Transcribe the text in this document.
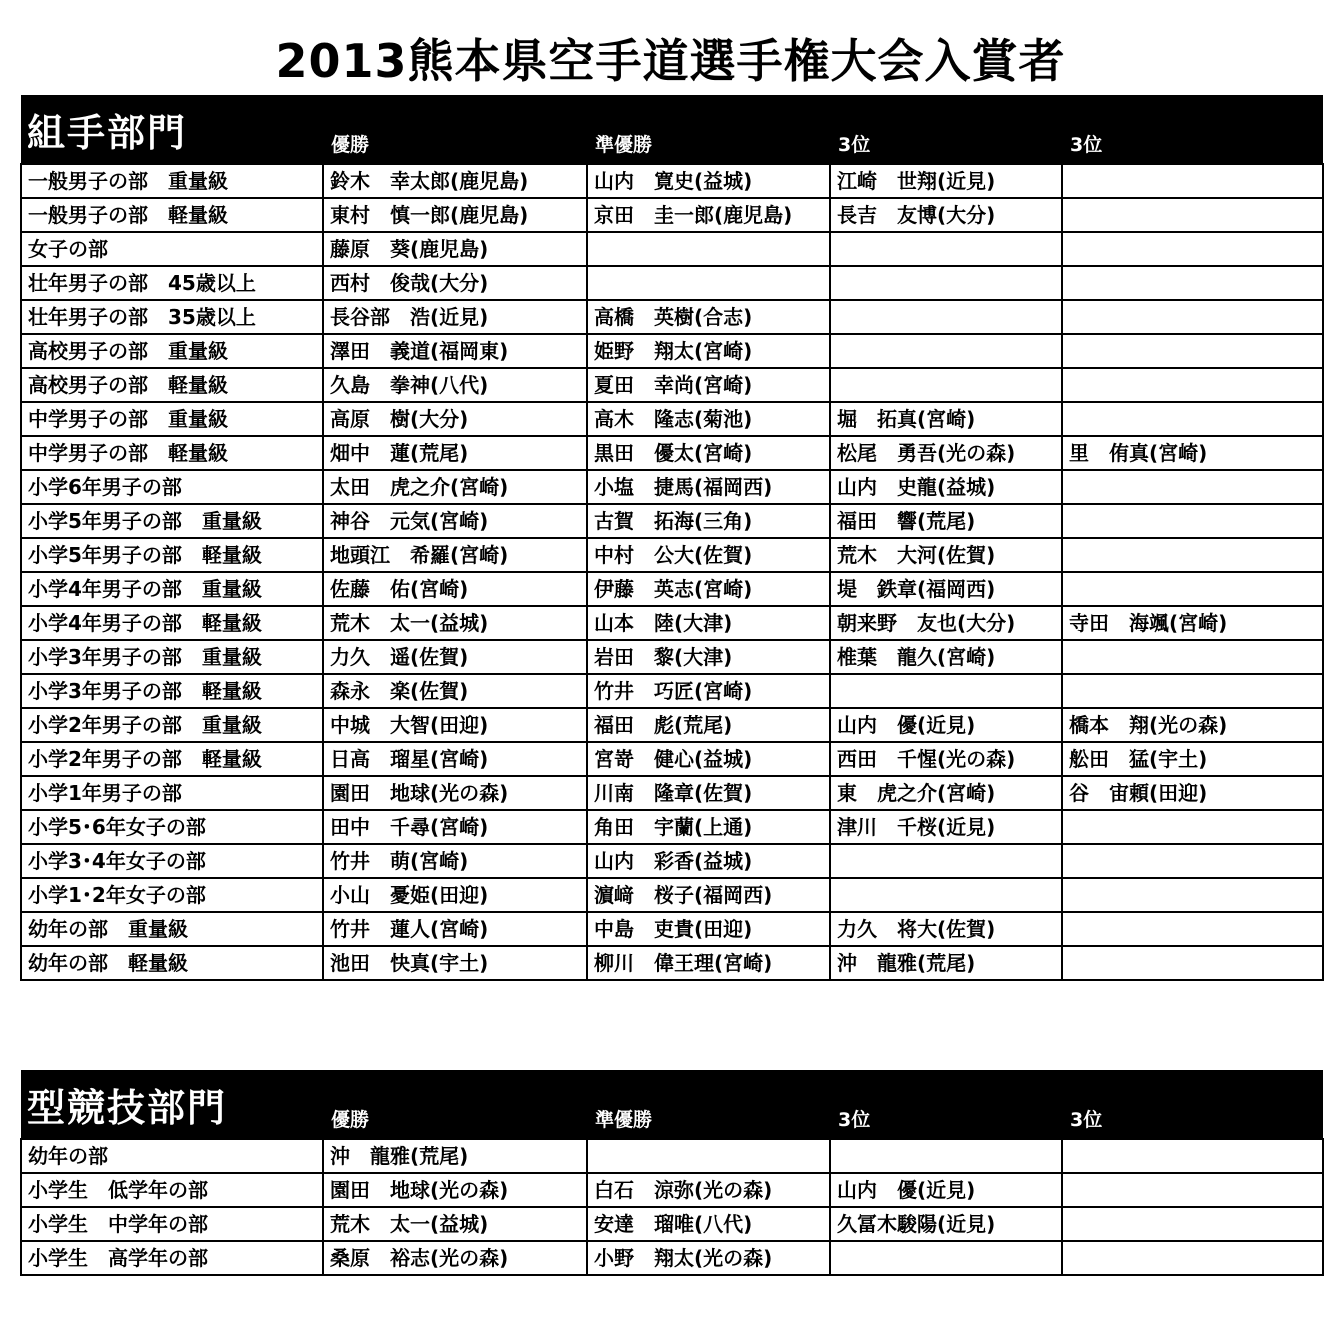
2013熊本県空手道選手権大会入賞者
組手部門	優勝	準優勝	3位	3位
一般男子の部　重量級	鈴木　幸太郎(鹿児島)	山内　寛史(益城)	江崎　世翔(近見)	
一般男子の部　軽量級	東村　慎一郎(鹿児島)	京田　圭一郎(鹿児島)	長吉　友博(大分)	
女子の部	藤原　葵(鹿児島)			
壮年男子の部　45歳以上	西村　俊哉(大分)			
壮年男子の部　35歳以上	長谷部　浩(近見)	高橋　英樹(合志)		
高校男子の部　重量級	澤田　義道(福岡東)	姫野　翔太(宮崎)		
高校男子の部　軽量級	久島　拳神(八代)	夏田　幸尚(宮崎)		
中学男子の部　重量級	高原　樹(大分)	高木　隆志(菊池)	堀　拓真(宮崎)	
中学男子の部　軽量級	畑中　蓮(荒尾)	黒田　優太(宮崎)	松尾　勇吾(光の森)	里　侑真(宮崎)
小学6年男子の部	太田　虎之介(宮崎)	小塩　捷馬(福岡西)	山内　史龍(益城)	
小学5年男子の部　重量級	神谷　元気(宮崎)	古賀　拓海(三角)	福田　響(荒尾)	
小学5年男子の部　軽量級	地頭江　希羅(宮崎)	中村　公大(佐賀)	荒木　大河(佐賀)	
小学4年男子の部　重量級	佐藤　佑(宮崎)	伊藤　英志(宮崎)	堤　鉄章(福岡西)	
小学4年男子の部　軽量級	荒木　太一(益城)	山本　陸(大津)	朝来野　友也(大分)	寺田　海颯(宮崎)
小学3年男子の部　重量級	力久　遥(佐賀)	岩田　黎(大津)	椎葉　龍久(宮崎)	
小学3年男子の部　軽量級	森永　楽(佐賀)	竹井　巧匠(宮崎)		
小学2年男子の部　重量級	中城　大智(田迎)	福田　彪(荒尾)	山内　優(近見)	橋本　翔(光の森)
小学2年男子の部　軽量級	日高　瑠星(宮崎)	宮嵜　健心(益城)	西田　千惺(光の森)	舩田　猛(宇土)
小学1年男子の部	園田　地球(光の森)	川南　隆章(佐賀)	東　虎之介(宮崎)	谷　宙頼(田迎)
小学5･6年女子の部	田中　千尋(宮崎)	角田　宇蘭(上通)	津川　千桜(近見)	
小学3･4年女子の部	竹井　萌(宮崎)	山内　彩香(益城)		
小学1･2年女子の部	小山　憂姫(田迎)	濵﨑　桜子(福岡西)		
幼年の部　重量級	竹井　蓮人(宮崎)	中島　吏貴(田迎)	力久　将大(佐賀)	
幼年の部　軽量級	池田　快真(宇土)	柳川　偉王理(宮崎)	沖　龍雅(荒尾)	
型競技部門	優勝	準優勝	3位	3位
幼年の部	沖　龍雅(荒尾)			
小学生　低学年の部	園田　地球(光の森)	白石　涼弥(光の森)	山内　優(近見)	
小学生　中学年の部	荒木　太一(益城)	安達　瑠唯(八代)	久冨木駿陽(近見)	
小学生　高学年の部	桑原　裕志(光の森)	小野　翔太(光の森)		
